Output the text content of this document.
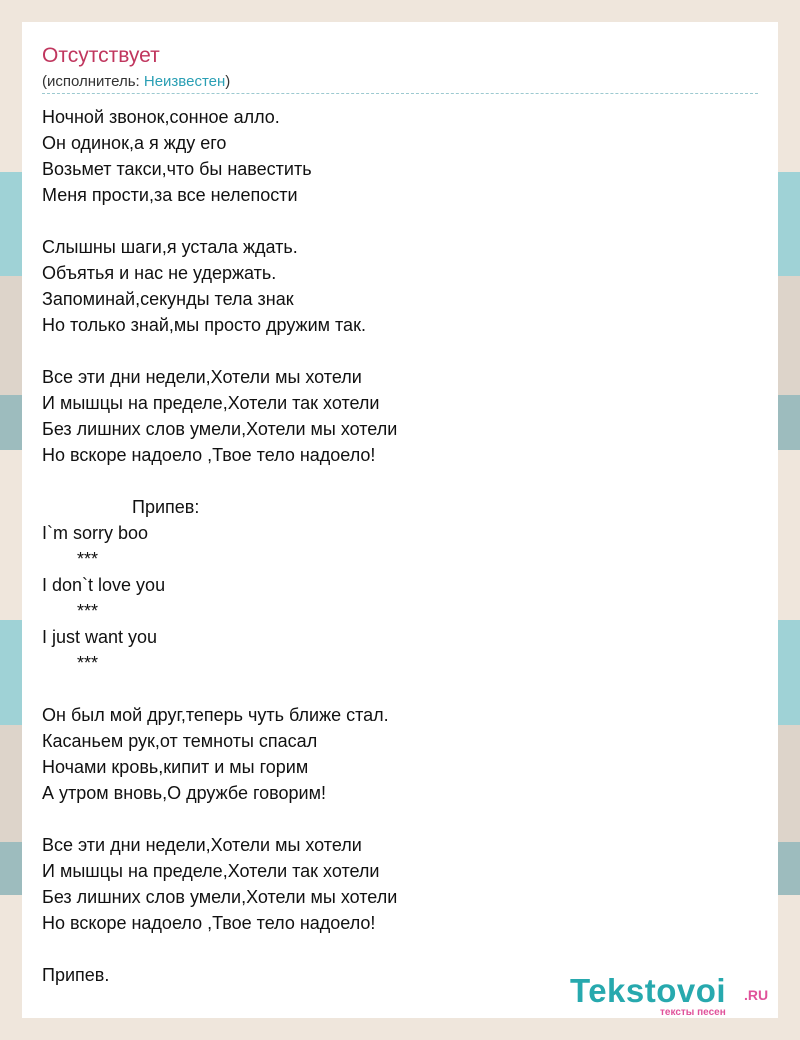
Отсутствует
(исполнитель: Неизвестен)
Ночной звонок,сонное алло.
Он одинок,а я жду его
Возьмет такси,что бы навестить
Меня прости,за все нелепости
Слышны шаги,я устала ждать.
Объятья и нас не удержать.
Запоминай,секунды тела знак
Но только знай,мы просто дружим так.
Все эти дни недели,Хотели мы хотели
И мышцы на пределе,Хотели так хотели
Без лишних слов умели,Хотели мы хотели
Но вскоре надоело ,Твое тело надоело!
Припев:
I`m sorry boo
***
I don`t love you
***
I just want you
***
Он был мой друг,теперь чуть ближе стал.
Касаньем рук,от темноты спасал
Ночами кровь,кипит и мы горим
А утром вновь,О дружбе говорим!
Все эти дни недели,Хотели мы хотели
И мышцы на пределе,Хотели так хотели
Без лишних слов умели,Хотели мы хотели
Но вскоре надоело ,Твое тело надоело!
Припев.	Tekstovoi .RU
тексты песен
